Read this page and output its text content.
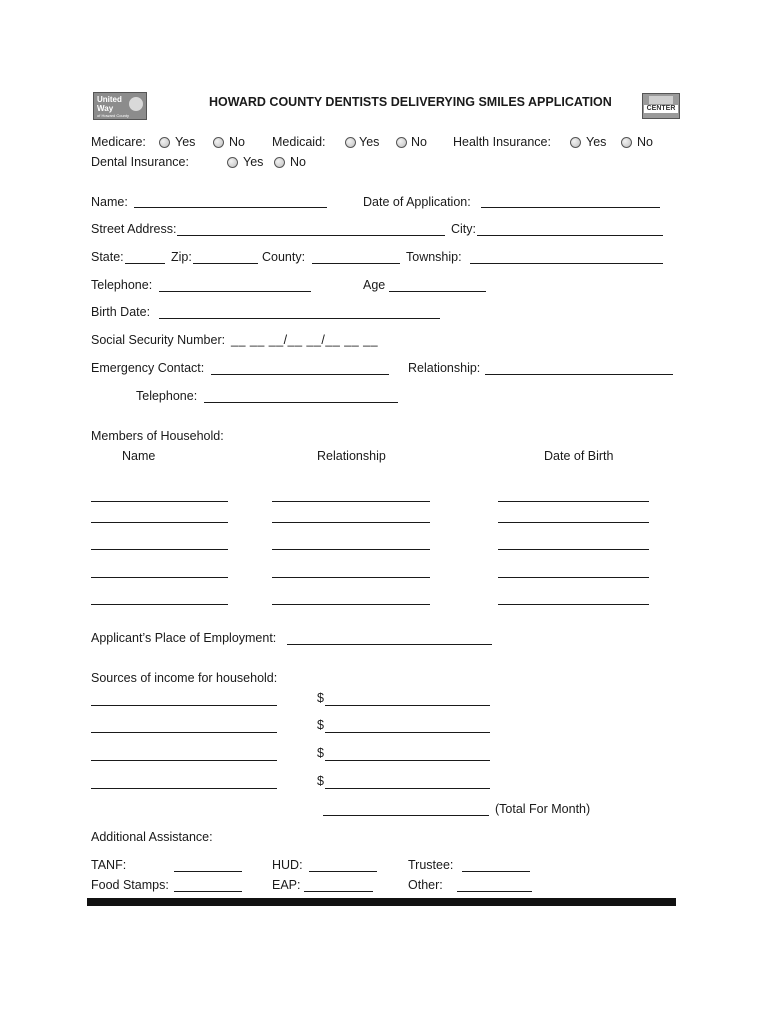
United
Way
of Howard County
CENTER
HOWARD COUNTY DENTISTS DELIVERYING SMILES APPLICATION
Medicare: Yes	No Medicaid:	Yes	No Health Insurance:	Yes No
Dental Insurance:	Yes No
Name:	Date of Application:
Street Address:	City:
State:	Zip:	County:	Township:
Telephone:	Age
Birth Date:
Social Security Number: __ __ __/__ __/__ __ __
Emergency Contact:	Relationship:
Telephone:
Members of Household:
Name	Relationship	Date of Birth
Applicant’s Place of Employment:
Sources of income for household:
$
$
$
$
(Total For Month)
Additional Assistance:
TANF:	HUD:	Trustee:
Food Stamps:	EAP:	Other:
